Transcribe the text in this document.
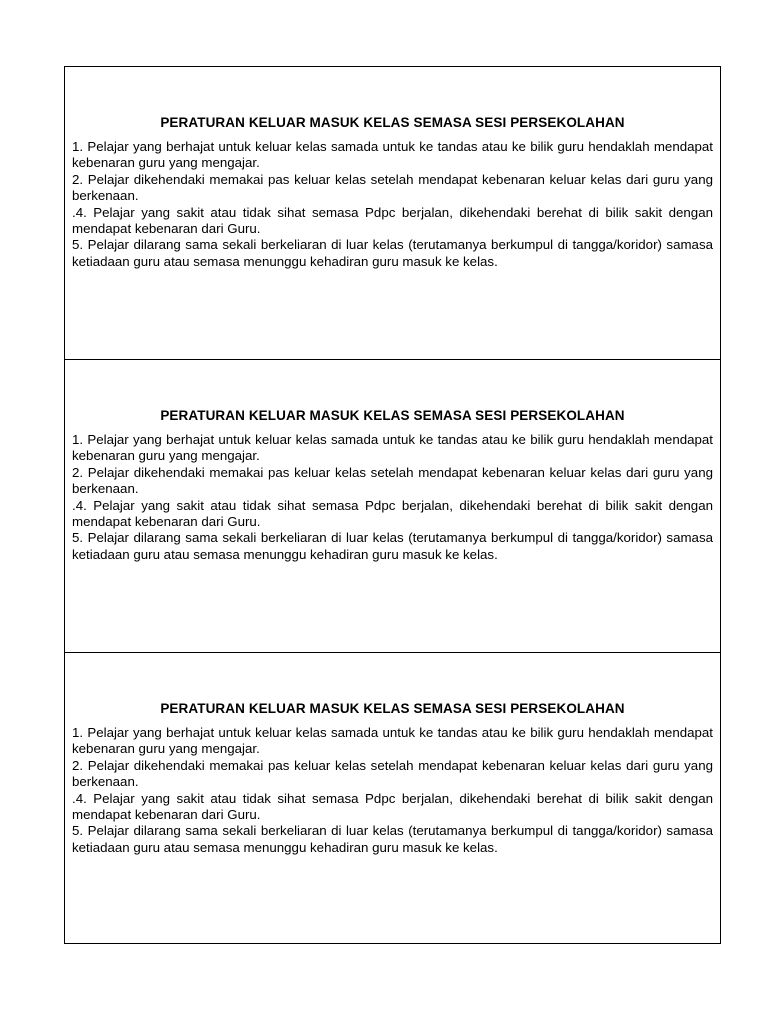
PERATURAN KELUAR MASUK KELAS SEMASA SESI PERSEKOLAHAN
1. Pelajar yang berhajat untuk keluar kelas samada untuk ke tandas atau ke bilik guru hendaklah mendapat kebenaran guru yang mengajar.
2. Pelajar dikehendaki memakai pas keluar kelas setelah mendapat kebenaran keluar kelas dari guru yang berkenaan.
.4. Pelajar yang sakit atau tidak sihat semasa Pdpc berjalan, dikehendaki berehat di bilik sakit dengan mendapat kebenaran dari Guru.
5. Pelajar dilarang sama sekali berkeliaran di luar kelas (terutamanya berkumpul di tangga/koridor) samasa ketiadaan guru atau semasa menunggu kehadiran guru masuk ke kelas.
PERATURAN KELUAR MASUK KELAS SEMASA SESI PERSEKOLAHAN
1. Pelajar yang berhajat untuk keluar kelas samada untuk ke tandas atau ke bilik guru hendaklah mendapat kebenaran guru yang mengajar.
2. Pelajar dikehendaki memakai pas keluar kelas setelah mendapat kebenaran keluar kelas dari guru yang berkenaan.
.4. Pelajar yang sakit atau tidak sihat semasa Pdpc berjalan, dikehendaki berehat di bilik sakit dengan mendapat kebenaran dari Guru.
5. Pelajar dilarang sama sekali berkeliaran di luar kelas (terutamanya berkumpul di tangga/koridor) samasa ketiadaan guru atau semasa menunggu kehadiran guru masuk ke kelas.
PERATURAN KELUAR MASUK KELAS SEMASA SESI PERSEKOLAHAN
1. Pelajar yang berhajat untuk keluar kelas samada untuk ke tandas atau ke bilik guru hendaklah mendapat kebenaran guru yang mengajar.
2. Pelajar dikehendaki memakai pas keluar kelas setelah mendapat kebenaran keluar kelas dari guru yang berkenaan.
.4. Pelajar yang sakit atau tidak sihat semasa Pdpc berjalan, dikehendaki berehat di bilik sakit dengan mendapat kebenaran dari Guru.
5. Pelajar dilarang sama sekali berkeliaran di luar kelas (terutamanya berkumpul di tangga/koridor) samasa ketiadaan guru atau semasa menunggu kehadiran guru masuk ke kelas.
